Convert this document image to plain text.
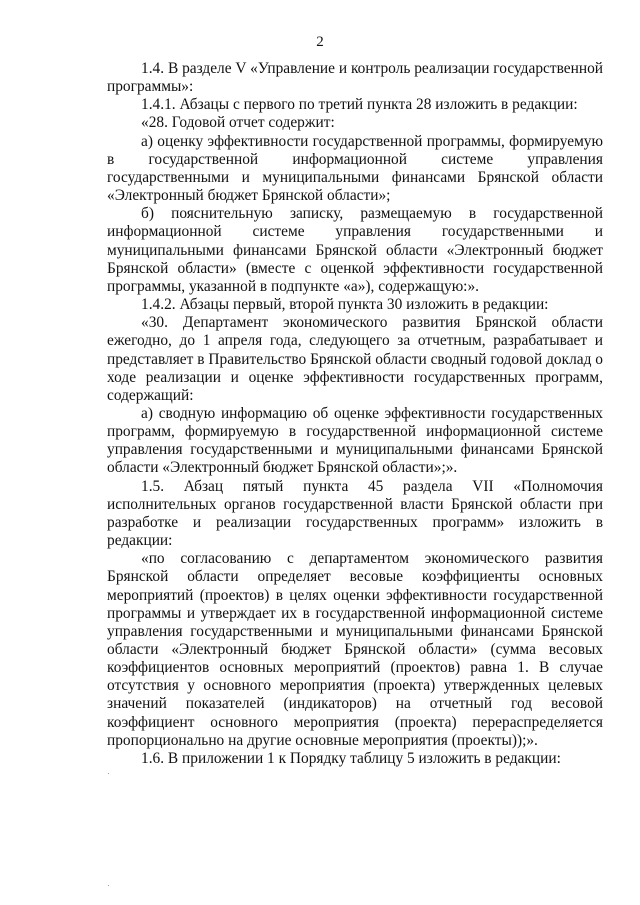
2

1.4. В разделе V «Управление и контроль реализации государственной программы»:

1.4.1. Абзацы с первого по третий пункта 28 изложить в редакции:

«28. Годовой отчет содержит:

а) оценку эффективности государственной программы, формируемую в государственной информационной системе управления государственными и муниципальными финансами Брянской области «Электронный бюджет Брянской области»;

б) пояснительную записку, размещаемую в государственной информационной системе управления государственными и муниципальными финансами Брянской области «Электронный бюджет Брянской области» (вместе с оценкой эффективности государственной программы, указанной в подпункте «а»), содержащую:».

1.4.2. Абзацы первый, второй пункта 30 изложить в редакции:

«30. Департамент экономического развития Брянской области ежегодно, до 1 апреля года, следующего за отчетным, разрабатывает и представляет в Правительство Брянской области сводный годовой доклад о ходе реализации и оценке эффективности государственных программ, содержащий:

а) сводную информацию об оценке эффективности государственных программ, формируемую в государственной информационной системе управления государственными и муниципальными финансами Брянской области «Электронный бюджет Брянской области»;».

1.5. Абзац пятый пункта 45 раздела VII «Полномочия исполнительных органов государственной власти Брянской области при разработке и реализации государственных программ» изложить в редакции:

«по согласованию с департаментом экономического развития Брянской области определяет весовые коэффициенты основных мероприятий (проектов) в целях оценки эффективности государственной программы и утверждает их в государственной информационной системе управления государственными и муниципальными финансами Брянской области «Электронный бюджет Брянской области» (сумма весовых коэффициентов основных мероприятий (проектов) равна 1. В случае отсутствия у основного мероприятия (проекта) утвержденных целевых значений показателей (индикаторов) на отчетный год весовой коэффициент основного мероприятия (проекта) перераспределяется пропорционально на другие основные мероприятия (проекты));».

1.6. В приложении 1 к Порядку таблицу 5 изложить в редакции:
